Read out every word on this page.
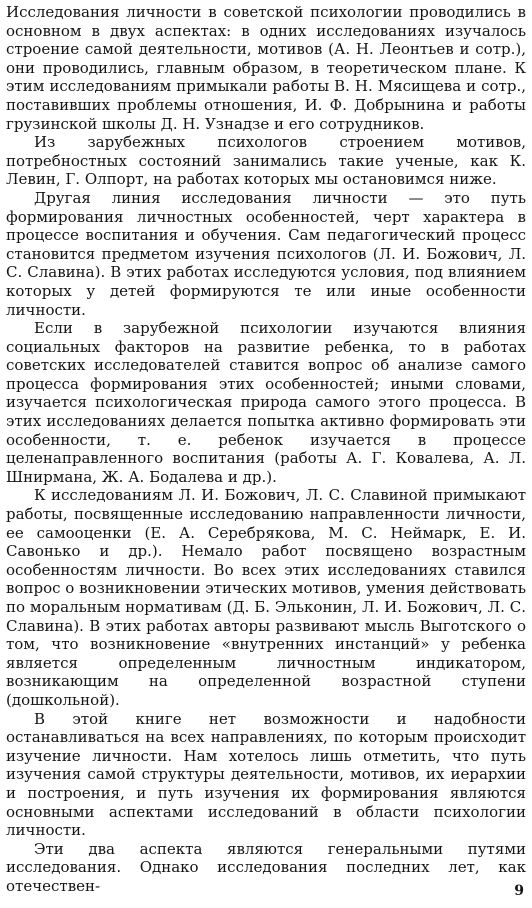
Исследования личности в советской психологии проводились в основном в двух аспектах: в одних исследованиях изучалось строение самой деятельности, мотивов (А. Н. Леонтьев и сотр.), они проводились, главным образом, в теоретическом плане. К этим исследованиям примыкали работы В. Н. Мясищева и сотр., поставивших проблемы отношения, И. Ф. Добрынина и работы грузинской школы Д. Н. Узнадзе и его сотрудников.

Из зарубежных психологов строением мотивов, потребностных состояний занимались такие ученые, как К. Левин, Г. Олпорт, на работах которых мы остановимся ниже.

Другая линия исследования личности — это путь формирования личностных особенностей, черт характера в процессе воспитания и обучения. Сам педагогический процесс становится предметом изучения психологов (Л. И. Божович, Л. С. Славина). В этих работах исследуются условия, под влиянием которых у детей формируются те или иные особенности личности.

Если в зарубежной психологии изучаются влияния социальных факторов на развитие ребенка, то в работах советских исследователей ставится вопрос об анализе самого процесса формирования этих особенностей; иными словами, изучается психологическая природа самого этого процесса. В этих исследованиях делается попытка активно формировать эти особенности, т. е. ребенок изучается в процессе целенаправленного воспитания (работы А. Г. Ковалева, А. Л. Шнирмана, Ж. А. Бодалева и др.).

К исследованиям Л. И. Божович, Л. С. Славиной примыкают работы, посвященные исследованию направленности личности, ее самооценки (Е. А. Серебрякова, М. С. Неймарк, Е. И. Савонько и др.). Немало работ посвящено возрастным особенностям личности. Во всех этих исследованиях ставился вопрос о возникновении этических мотивов, умения действовать по моральным нормативам (Д. Б. Эльконин, Л. И. Божович, Л. С. Славина). В этих работах авторы развивают мысль Выготского о том, что возникновение «внутренних инстанций» у ребенка является определенным личностным индикатором, возникающим на определенной возрастной ступени (дошкольной).

В этой книге нет возможности и надобности останавливаться на всех направлениях, по которым происходит изучение личности. Нам хотелось лишь отметить, что путь изучения самой структуры деятельности, мотивов, их иерархии и построения, и путь изучения их формирования являются основными аспектами исследований в области психологии личности.

Эти два аспекта являются генеральными путями исследования. Однако исследования последних лет, как отечествен-	9
